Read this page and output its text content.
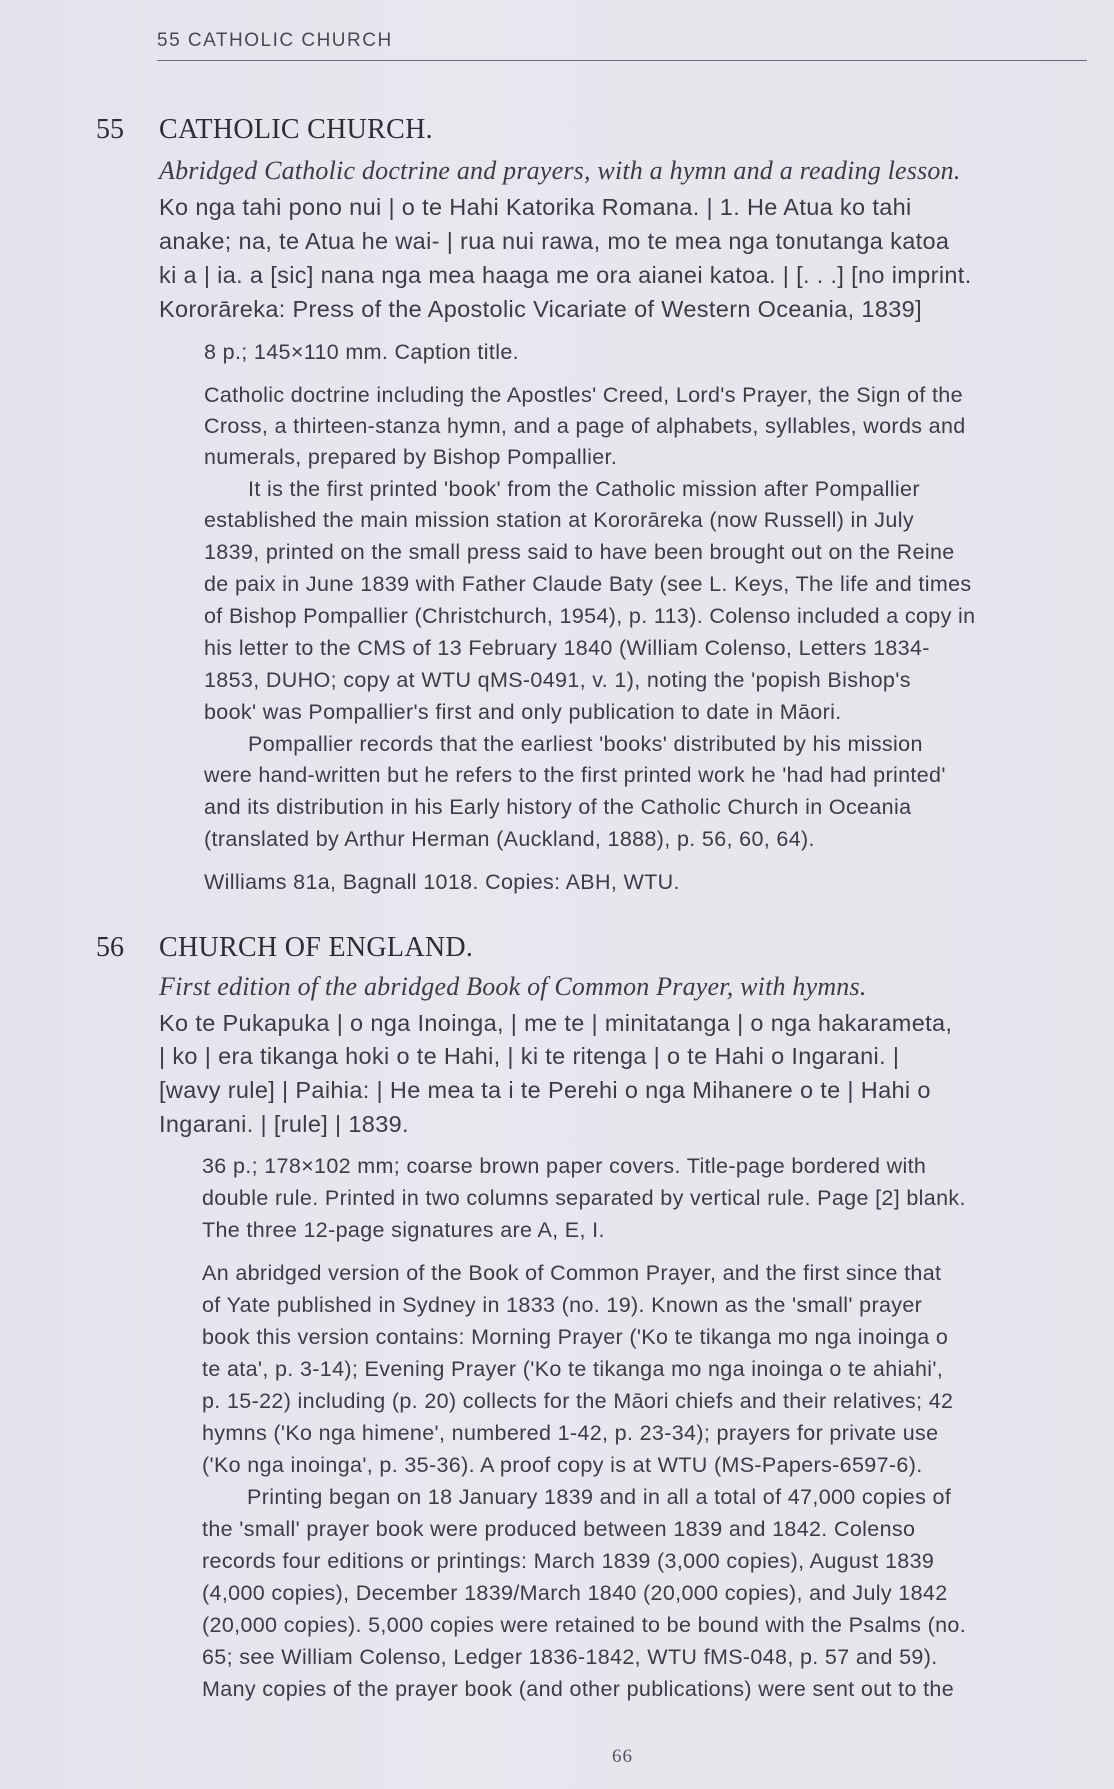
55 CATHOLIC CHURCH
55 CATHOLIC CHURCH.
Abridged Catholic doctrine and prayers, with a hymn and a reading lesson.
Ko nga tahi pono nui | o te Hahi Katorika Romana. | 1. He Atua ko tahi
anake; na, te Atua he wai- | rua nui rawa, mo te mea nga tonutanga katoa
ki a | ia. a [sic] nana nga mea haaga me ora aianei katoa. | [. . .] [no imprint.
Kororāreka: Press of the Apostolic Vicariate of Western Oceania, 1839]
8 p.; 145×110 mm. Caption title.
Catholic doctrine including the Apostles' Creed, Lord's Prayer, the Sign of the
Cross, a thirteen-stanza hymn, and a page of alphabets, syllables, words and
numerals, prepared by Bishop Pompallier.
It is the first printed 'book' from the Catholic mission after Pompallier
established the main mission station at Kororāreka (now Russell) in July
1839, printed on the small press said to have been brought out on the Reine
de paix in June 1839 with Father Claude Baty (see L. Keys, The life and times
of Bishop Pompallier (Christchurch, 1954), p. 113). Colenso included a copy in
his letter to the CMS of 13 February 1840 (William Colenso, Letters 1834-
1853, DUHO; copy at WTU qMS-0491, v. 1), noting the 'popish Bishop's
book' was Pompallier's first and only publication to date in Māori.
Pompallier records that the earliest 'books' distributed by his mission
were hand-written but he refers to the first printed work he 'had had printed'
and its distribution in his Early history of the Catholic Church in Oceania
(translated by Arthur Herman (Auckland, 1888), p. 56, 60, 64).
Williams 81a, Bagnall 1018. Copies: ABH, WTU.
56 CHURCH OF ENGLAND.
First edition of the abridged Book of Common Prayer, with hymns.
Ko te Pukapuka | o nga Inoinga, | me te | minitatanga | o nga hakarameta,
| ko | era tikanga hoki o te Hahi, | ki te ritenga | o te Hahi o Ingarani. |
[wavy rule] | Paihia: | He mea ta i te Perehi o nga Mihanere o te | Hahi o
Ingarani. | [rule] | 1839.
36 p.; 178×102 mm; coarse brown paper covers. Title-page bordered with
double rule. Printed in two columns separated by vertical rule. Page [2] blank.
The three 12-page signatures are A, E, I.
An abridged version of the Book of Common Prayer, and the first since that
of Yate published in Sydney in 1833 (no. 19). Known as the 'small' prayer
book this version contains: Morning Prayer ('Ko te tikanga mo nga inoinga o
te ata', p. 3-14); Evening Prayer ('Ko te tikanga mo nga inoinga o te ahiahi',
p. 15-22) including (p. 20) collects for the Māori chiefs and their relatives; 42
hymns ('Ko nga himene', numbered 1-42, p. 23-34); prayers for private use
('Ko nga inoinga', p. 35-36). A proof copy is at WTU (MS-Papers-6597-6).
Printing began on 18 January 1839 and in all a total of 47,000 copies of
the 'small' prayer book were produced between 1839 and 1842. Colenso
records four editions or printings: March 1839 (3,000 copies), August 1839
(4,000 copies), December 1839/March 1840 (20,000 copies), and July 1842
(20,000 copies). 5,000 copies were retained to be bound with the Psalms (no.
65; see William Colenso, Ledger 1836-1842, WTU fMS-048, p. 57 and 59).
Many copies of the prayer book (and other publications) were sent out to the
66
